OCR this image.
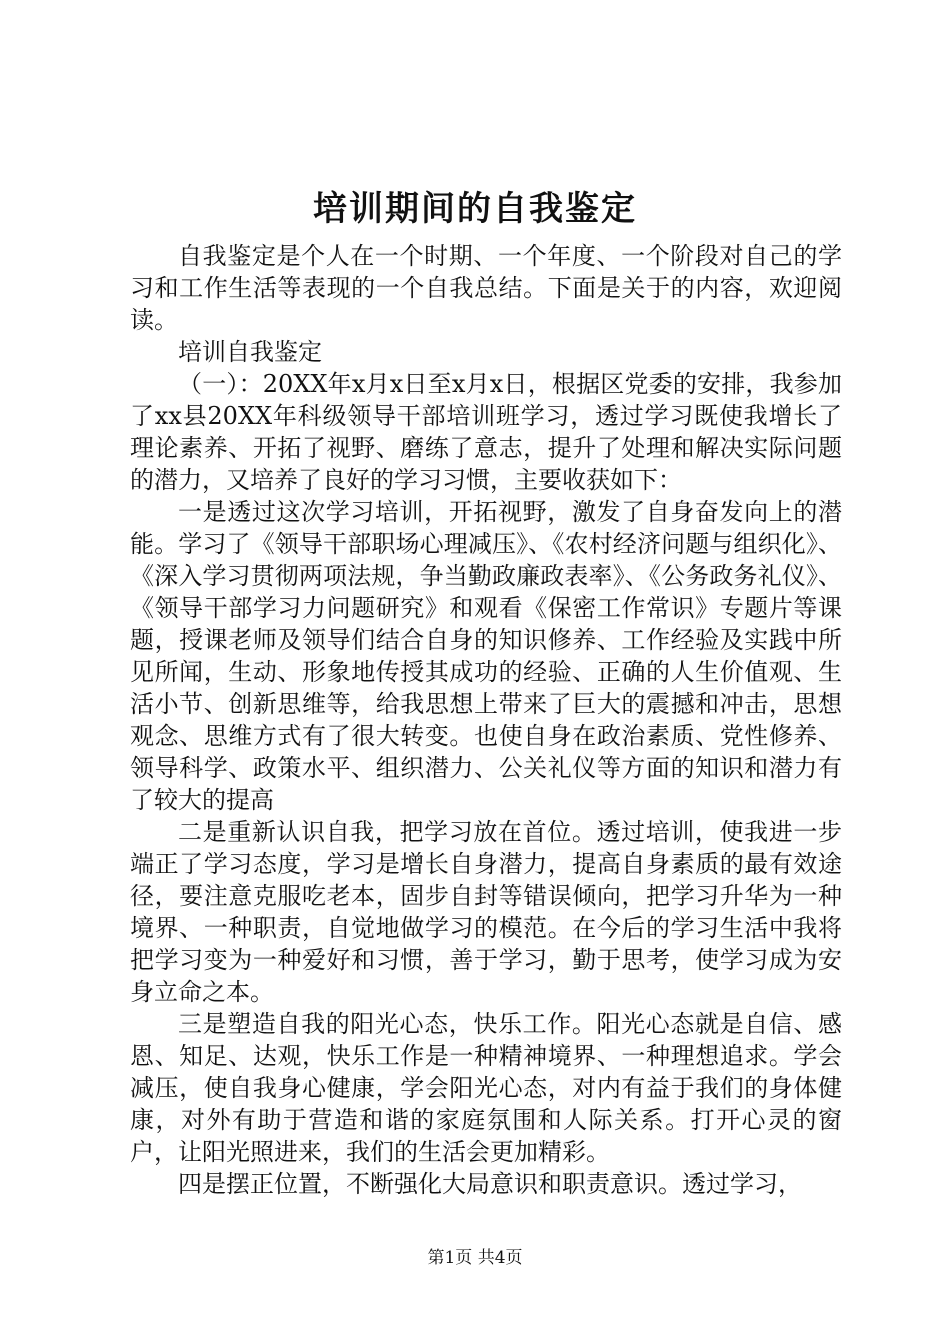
培训期间的自我鉴定

自我鉴定是个人在一个时期、一个年度、一个阶段对自己的学习和工作生活等表现的一个自我总结。下面是关于的内容，欢迎阅读。

培训自我鉴定

（一）：20XX年x月x日至x月x日，根据区党委的安排，我参加了xx县20XX年科级领导干部培训班学习，透过学习既使我增长了理论素养、开拓了视野、磨练了意志，提升了处理和解决实际问题的潜力，又培养了良好的学习习惯，主要收获如下：

一是透过这次学习培训，开拓视野，激发了自身奋发向上的潜能。学习了《领导干部职场心理减压》、《农村经济问题与组织化》、《深入学习贯彻两项法规，争当勤政廉政表率》、《公务政务礼仪》、《领导干部学习力问题研究》和观看《保密工作常识》专题片等课题，授课老师及领导们结合自身的知识修养、工作经验及实践中所见所闻，生动、形象地传授其成功的经验、正确的人生价值观、生活小节、创新思维等，给我思想上带来了巨大的震撼和冲击，思想观念、思维方式有了很大转变。也使自身在政治素质、党性修养、领导科学、政策水平、组织潜力、公关礼仪等方面的知识和潜力有了较大的提高

二是重新认识自我，把学习放在首位。透过培训，使我进一步端正了学习态度，学习是增长自身潜力，提高自身素质的最有效途径，要注意克服吃老本，固步自封等错误倾向，把学习升华为一种境界、一种职责，自觉地做学习的模范。在今后的学习生活中我将把学习变为一种爱好和习惯，善于学习，勤于思考，使学习成为安身立命之本。

三是塑造自我的阳光心态，快乐工作。阳光心态就是自信、感恩、知足、达观，快乐工作是一种精神境界、一种理想追求。学会减压，使自我身心健康，学会阳光心态，对内有益于我们的身体健康，对外有助于营造和谐的家庭氛围和人际关系。打开心灵的窗户，让阳光照进来，我们的生活会更加精彩。

四是摆正位置，不断强化大局意识和职责意识。透过学习，

第1页 共4页
